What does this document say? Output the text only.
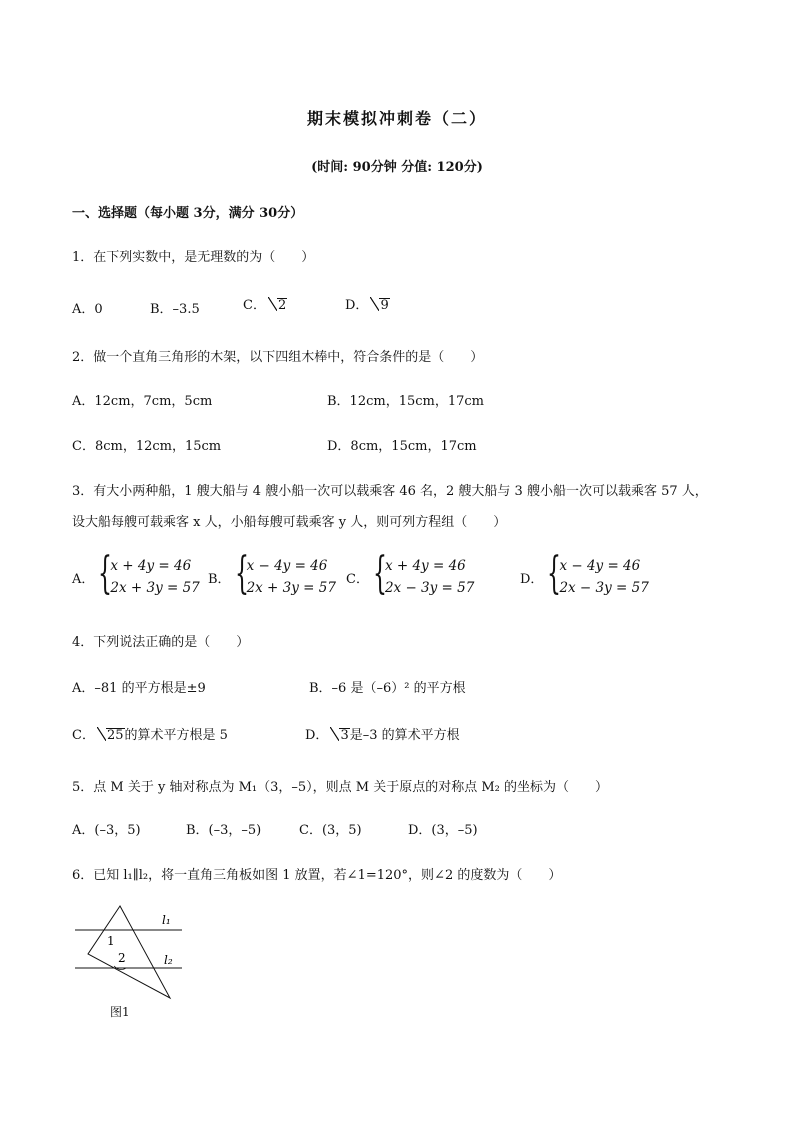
期末模拟冲刺卷（二）
(时间: 90分钟 分值: 120分)
一、选择题（每小题 3分，满分 30分）
1．在下列实数中，是无理数的为（　　）
A．0	B．–3.5	C． 2	D． 9
2．做一个直角三角形的木架，以下四组木棒中，符合条件的是（　　）
A．12cm，7cm，5cm	B．12cm，15cm，17cm
C．8cm，12cm，15cm	D．8cm，15cm，17cm
3．有大小两种船，1 艘大船与 4 艘小船一次可以载乘客 46 名，2 艘大船与 3 艘小船一次可以载乘客 57 人，
设大船每艘可载乘客 x 人，小船每艘可载乘客 y 人，则可列方程组（　　）
A．
{ x + 4y = 46
2x + 3y = 57
B．
{ x − 4y = 46
2x + 3y = 57
C．
{ x + 4y = 46
2x − 3y = 57
D．
{ x − 4y = 46
2x − 3y = 57
4．下列说法正确的是（　　）
A．–81 的平方根是±9	B．–6 是（–6）² 的平方根
C． 25的算术平方根是 5	D． 3是–3 的算术平方根
5．点 M 关于 y 轴对称点为 M₁（3，–5），则点 M 关于原点的对称点 M₂ 的坐标为（　　）
A．(–3，5)	B．(–3，–5)	C．(3，5)	D．(3，–5)
6．已知 l₁∥l₂，将一直角三角板如图 1 放置，若∠1=120°，则∠2 的度数为（　　）
1
2
l₁
l₂
图1
